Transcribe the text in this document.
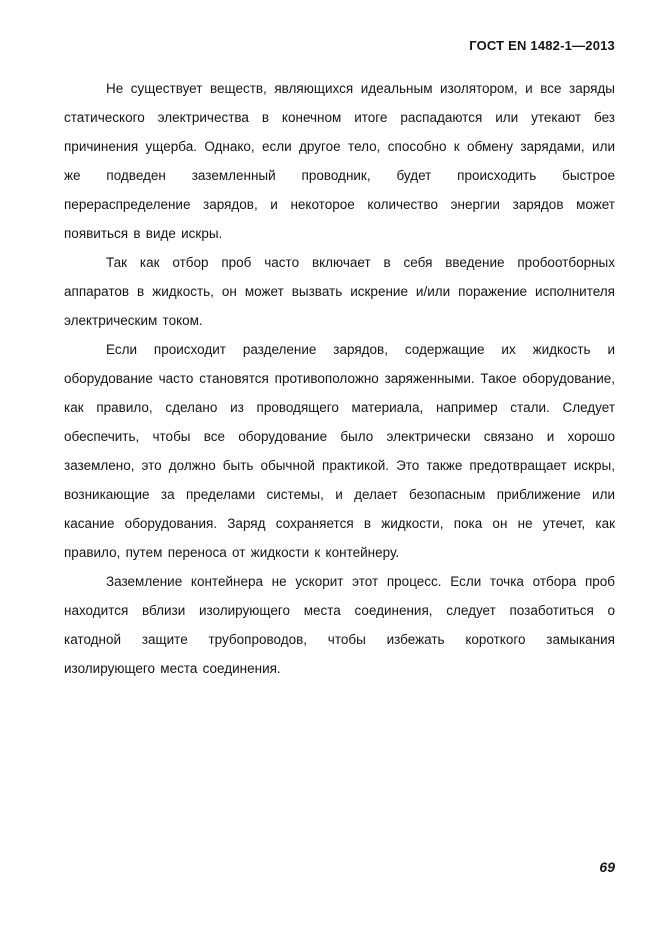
ГОСТ EN 1482-1—2013

Не существует веществ, являющихся идеальным изолятором, и все заряды статического электричества в конечном итоге распадаются или утекают без причинения ущерба. Однако, если другое тело, способно к обмену зарядами, или же подведен заземленный проводник, будет происходить быстрое перераспределение зарядов, и некоторое количество энергии зарядов может появиться в виде искры.

Так как отбор проб часто включает в себя введение пробоотборных аппаратов в жидкость, он может вызвать искрение и/или поражение исполнителя электрическим током.

Если происходит разделение зарядов, содержащие их жидкость и оборудование часто становятся противоположно заряженными. Такое оборудование, как правило, сделано из проводящего материала, например стали. Следует обеспечить, чтобы все оборудование было электрически связано и хорошо заземлено, это должно быть обычной практикой. Это также предотвращает искры, возникающие за пределами системы, и делает безопасным приближение или касание оборудования. Заряд сохраняется в жидкости, пока он не утечет, как правило, путем переноса от жидкости к контейнеру.

Заземление контейнера не ускорит этот процесс. Если точка отбора проб находится вблизи изолирующего места соединения, следует позаботиться о катодной защите трубопроводов, чтобы избежать короткого замыкания изолирующего места соединения.

69
